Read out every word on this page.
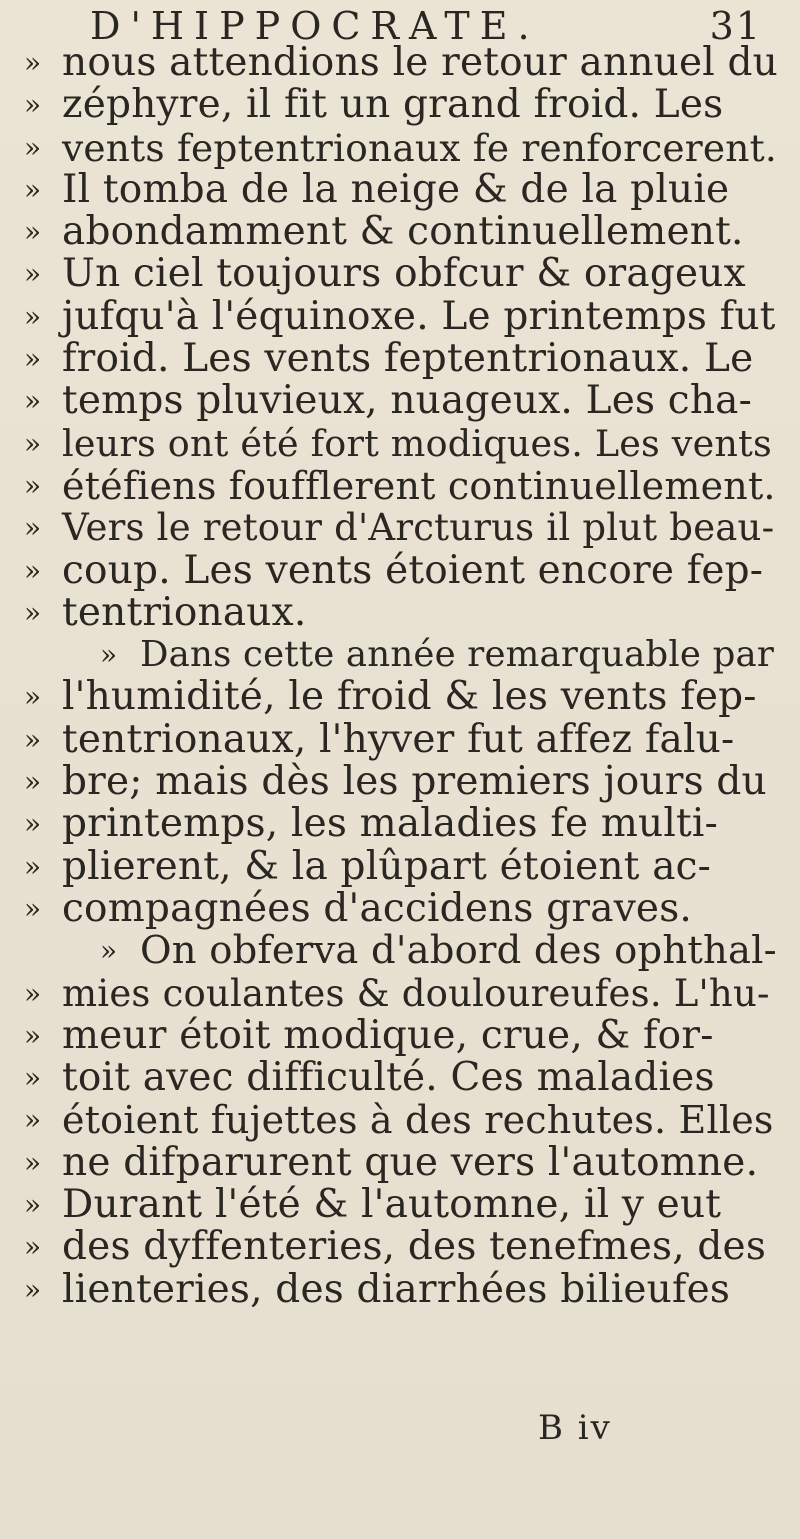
D'HIPPOCRATE.	31
» nous attendions le retour annuel du
» zéphyre, il fit un grand froid. Les
» vents feptentrionaux fe renforcerent.
» Il tomba de la neige & de la pluie
» abondamment & continuellement.
» Un ciel toujours obfcur & orageux
» jufqu'à l'équinoxe. Le printemps fut
» froid. Les vents feptentrionaux. Le
» temps pluvieux, nuageux. Les cha-
» leurs ont été fort modiques. Les vents
» étéfiens foufflerent continuellement.
» Vers le retour d'Arcturus il plut beau-
» coup. Les vents étoient encore fep-
» tentrionaux.
» Dans cette année remarquable par
» l'humidité, le froid & les vents fep-
» tentrionaux, l'hyver fut affez falu-
» bre; mais dès les premiers jours du
» printemps, les maladies fe multi-
» plierent, & la plûpart étoient ac-
» compagnées d'accidens graves.
» On obferva d'abord des ophthal-
» mies coulantes & douloureufes. L'hu-
» meur étoit modique, crue, & for-
» toit avec difficulté. Ces maladies
» étoient fujettes à des rechutes. Elles
» ne difparurent que vers l'automne.
» Durant l'été & l'automne, il y eut
» des dyffenteries, des tenefmes, des
» lienteries, des diarrhées bilieufes
B iv
